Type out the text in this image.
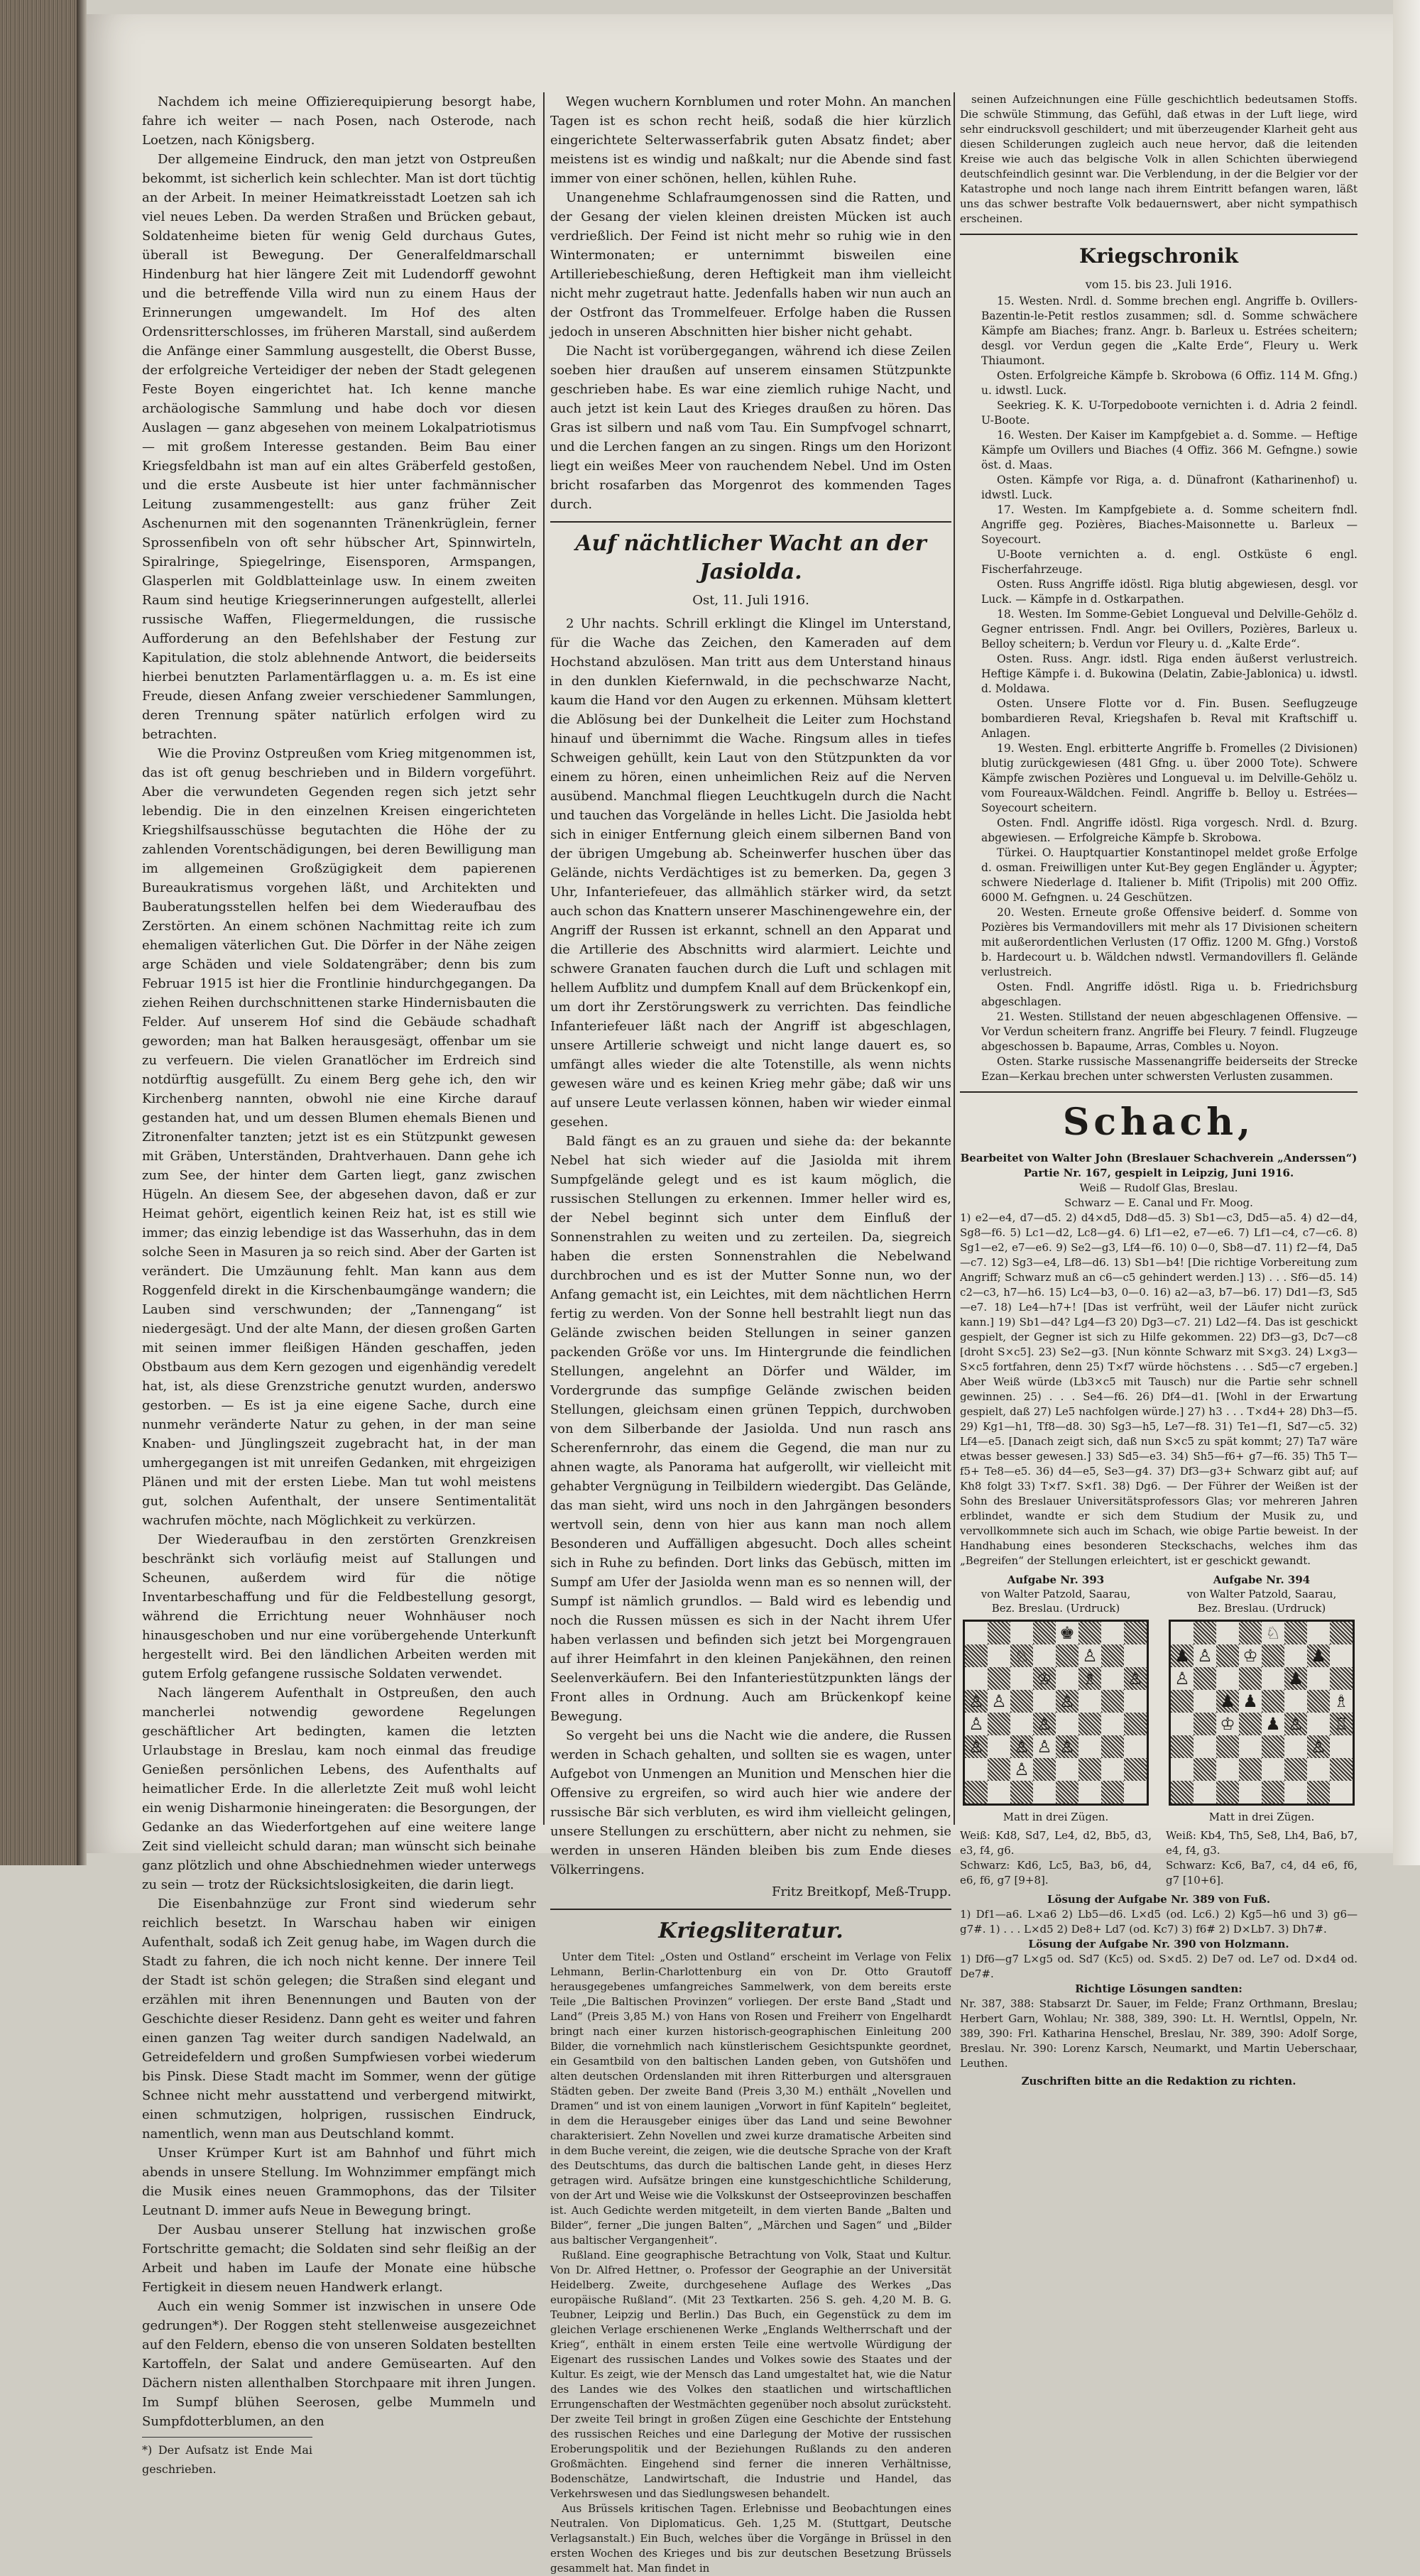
Nachdem ich meine Offizierequipierung besorgt habe, fahre ich weiter — nach Posen, nach Osterode, nach Loetzen, nach Königsberg.

Der allgemeine Eindruck, den man jetzt von Ostpreußen bekommt, ist sicherlich kein schlechter. Man ist dort tüchtig an der Arbeit. In meiner Heimatkreisstadt Loetzen sah ich viel neues Leben. Da werden Straßen und Brücken gebaut, Soldatenheime bieten für wenig Geld durchaus Gutes, überall ist Bewegung. Der Generalfeldmarschall Hindenburg hat hier längere Zeit mit Ludendorff gewohnt und die betreffende Villa wird nun zu einem Haus der Erinnerungen umgewandelt. Im Hof des alten Ordensritterschlosses, im früheren Marstall, sind außerdem die Anfänge einer Sammlung ausgestellt, die Oberst Busse, der erfolgreiche Verteidiger der neben der Stadt gelegenen Feste Boyen eingerichtet hat. Ich kenne manche archäologische Sammlung und habe doch vor diesen Auslagen — ganz abgesehen von meinem Lokalpatriotismus — mit großem Interesse gestanden. Beim Bau einer Kriegsfeldbahn ist man auf ein altes Gräberfeld gestoßen, und die erste Ausbeute ist hier unter fachmännischer Leitung zusammengestellt: aus ganz früher Zeit Aschenurnen mit den sogenannten Tränenkrüglein, ferner Sprossenfibeln von oft sehr hübscher Art, Spinnwirteln, Spiralringe, Spiegelringe, Eisensporen, Armspangen, Glasperlen mit Goldblatteinlage usw. In einem zweiten Raum sind heutige Kriegserinnerungen aufgestellt, allerlei russische Waffen, Fliegermeldungen, die russische Aufforderung an den Befehlshaber der Festung zur Kapitulation, die stolz ablehnende Antwort, die beiderseits hierbei benutzten Parlamentärflaggen u. a. m. Es ist eine Freude, diesen Anfang zweier verschiedener Sammlungen, deren Trennung später natürlich erfolgen wird zu betrachten.

Wie die Provinz Ostpreußen vom Krieg mitgenommen ist, das ist oft genug beschrieben und in Bildern vorgeführt. Aber die verwundeten Gegenden regen sich jetzt sehr lebendig. Die in den einzelnen Kreisen eingerichteten Kriegshilfsausschüsse begutachten die Höhe der zu zahlenden Vorentschädigungen, bei deren Bewilligung man im allgemeinen Großzügigkeit dem papierenen Bureaukratismus vorgehen läßt, und Architekten und Bauberatungsstellen helfen bei dem Wiederaufbau des Zerstörten. An einem schönen Nachmittag reite ich zum ehemaligen väterlichen Gut. Die Dörfer in der Nähe zeigen arge Schäden und viele Soldatengräber; denn bis zum Februar 1915 ist hier die Frontlinie hindurchgegangen. Da ziehen Reihen durchschnittenen starke Hindernisbauten die Felder. Auf unserem Hof sind die Gebäude schadhaft geworden; man hat Balken herausgesägt, offenbar um sie zu verfeuern. Die vielen Granatlöcher im Erdreich sind notdürftig ausgefüllt. Zu einem Berg gehe ich, den wir Kirchenberg nannten, obwohl nie eine Kirche darauf gestanden hat, und um dessen Blumen ehemals Bienen und Zitronenfalter tanzten; jetzt ist es ein Stützpunkt gewesen mit Gräben, Unterständen, Drahtverhauen. Dann gehe ich zum See, der hinter dem Garten liegt, ganz zwischen Hügeln. An diesem See, der abgesehen davon, daß er zur Heimat gehört, eigentlich keinen Reiz hat, ist es still wie immer; das einzig lebendige ist das Wasserhuhn, das in dem solche Seen in Masuren ja so reich sind. Aber der Garten ist verändert. Die Umzäunung fehlt. Man kann aus dem Roggenfeld direkt in die Kirschenbaumgänge wandern; die Lauben sind verschwunden; der „Tannengang“ ist niedergesägt. Und der alte Mann, der diesen großen Garten mit seinen immer fleißigen Händen geschaffen, jeden Obstbaum aus dem Kern gezogen und eigenhändig veredelt hat, ist, als diese Grenzstriche genutzt wurden, anderswo gestorben. — Es ist ja eine eigene Sache, durch eine nunmehr veränderte Natur zu gehen, in der man seine Knaben- und Jünglingszeit zugebracht hat, in der man umhergegangen ist mit unreifen Gedanken, mit ehrgeizigen Plänen und mit der ersten Liebe. Man tut wohl meistens gut, solchen Aufenthalt, der unsere Sentimentalität wachrufen möchte, nach Möglichkeit zu verkürzen.

Der Wiederaufbau in den zerstörten Grenzkreisen beschränkt sich vorläufig meist auf Stallungen und Scheunen, außerdem wird für die nötige Inventarbeschaffung und für die Feldbestellung gesorgt, während die Errichtung neuer Wohnhäuser noch hinausgeschoben und nur eine vorübergehende Unterkunft hergestellt wird. Bei den ländlichen Arbeiten werden mit gutem Erfolg gefangene russische Soldaten verwendet.

Nach längerem Aufenthalt in Ostpreußen, den auch mancherlei notwendig gewordene Regelungen geschäftlicher Art bedingten, kamen die letzten Urlaubstage in Breslau, kam noch einmal das freudige Genießen persönlichen Lebens, des Aufenthalts auf heimatlicher Erde. In die allerletzte Zeit muß wohl leicht ein wenig Disharmonie hineingeraten: die Besorgungen, der Gedanke an das Wiederfortgehen auf eine weitere lange Zeit sind vielleicht schuld daran; man wünscht sich beinahe ganz plötzlich und ohne Abschiednehmen wieder unterwegs zu sein — trotz der Rücksichtslosigkeiten, die darin liegt.

Die Eisenbahnzüge zur Front sind wiederum sehr reichlich besetzt. In Warschau haben wir einigen Aufenthalt, sodaß ich Zeit genug habe, im Wagen durch die Stadt zu fahren, die ich noch nicht kenne. Der innere Teil der Stadt ist schön gelegen; die Straßen sind elegant und erzählen mit ihren Benennungen und Bauten von der Geschichte dieser Residenz. Dann geht es weiter und fahren einen ganzen Tag weiter durch sandigen Nadelwald, an Getreidefeldern und großen Sumpfwiesen vorbei wiederum bis Pinsk. Diese Stadt macht im Sommer, wenn der gütige Schnee nicht mehr ausstattend und verbergend mitwirkt, einen schmutzigen, holprigen, russischen Eindruck, namentlich, wenn man aus Deutschland kommt.

Unser Krümper Kurt ist am Bahnhof und führt mich abends in unsere Stellung. Im Wohnzimmer empfängt mich die Musik eines neuen Grammophons, das der Tilsiter Leutnant D. immer aufs Neue in Bewegung bringt.

Der Ausbau unserer Stellung hat inzwischen große Fortschritte gemacht; die Soldaten sind sehr fleißig an der Arbeit und haben im Laufe der Monate eine hübsche Fertigkeit in diesem neuen Handwerk erlangt.

Auch ein wenig Sommer ist inzwischen in unsere Ode gedrungen*). Der Roggen steht stellenweise ausgezeichnet auf den Feldern, ebenso die von unseren Soldaten bestellten Kartoffeln, der Salat und andere Gemüsearten. Auf den Dächern nisten allenthalben Storchpaare mit ihren Jungen. Im Sumpf blühen Seerosen, gelbe Mummeln und Sumpfdotterblumen, an den

*) Der Aufsatz ist Ende Mai geschrieben.

Wegen wuchern Kornblumen und roter Mohn. An manchen Tagen ist es schon recht heiß, sodaß die hier kürzlich eingerichtete Selterwasserfabrik guten Absatz findet; aber meistens ist es windig und naßkalt; nur die Abende sind fast immer von einer schönen, hellen, kühlen Ruhe.

Unangenehme Schlafraumgenossen sind die Ratten, und der Gesang der vielen kleinen dreisten Mücken ist auch verdrießlich. Der Feind ist nicht mehr so ruhig wie in den Wintermonaten; er unternimmt bisweilen eine Artilleriebeschießung, deren Heftigkeit man ihm vielleicht nicht mehr zugetraut hatte. Jedenfalls haben wir nun auch an der Ostfront das Trommelfeuer. Erfolge haben die Russen jedoch in unseren Abschnitten hier bisher nicht gehabt.

Die Nacht ist vorübergegangen, während ich diese Zeilen soeben hier draußen auf unserem einsamen Stützpunkte geschrieben habe. Es war eine ziemlich ruhige Nacht, und auch jetzt ist kein Laut des Krieges draußen zu hören. Das Gras ist silbern und naß vom Tau. Ein Sumpfvogel schnarrt, und die Lerchen fangen an zu singen. Rings um den Horizont liegt ein weißes Meer von rauchendem Nebel. Und im Osten bricht rosafarben das Morgenrot des kommenden Tages durch.

Auf nächtlicher Wacht an der Jasiolda.
Ost, 11. Juli 1916.

2 Uhr nachts. Schrill erklingt die Klingel im Unterstand, für die Wache das Zeichen, den Kameraden auf dem Hochstand abzulösen. Man tritt aus dem Unterstand hinaus in den dunklen Kiefernwald, in die pechschwarze Nacht, kaum die Hand vor den Augen zu erkennen. Mühsam klettert die Ablösung bei der Dunkelheit die Leiter zum Hochstand hinauf und übernimmt die Wache. Ringsum alles in tiefes Schweigen gehüllt, kein Laut von den Stützpunkten da vor einem zu hören, einen unheimlichen Reiz auf die Nerven ausübend. Manchmal fliegen Leuchtkugeln durch die Nacht und tauchen das Vorgelände in helles Licht. Die Jasiolda hebt sich in einiger Entfernung gleich einem silbernen Band von der übrigen Umgebung ab. Scheinwerfer huschen über das Gelände, nichts Verdächtiges ist zu bemerken. Da, gegen 3 Uhr, Infanteriefeuer, das allmählich stärker wird, da setzt auch schon das Knattern unserer Maschinengewehre ein, der Angriff der Russen ist erkannt, schnell an den Apparat und die Artillerie des Abschnitts wird alarmiert. Leichte und schwere Granaten fauchen durch die Luft und schlagen mit hellem Aufblitz und dumpfem Knall auf dem Brückenkopf ein, um dort ihr Zerstörungswerk zu verrichten. Das feindliche Infanteriefeuer läßt nach der Angriff ist abgeschlagen, unsere Artillerie schweigt und nicht lange dauert es, so umfängt alles wieder die alte Totenstille, als wenn nichts gewesen wäre und es keinen Krieg mehr gäbe; daß wir uns auf unsere Leute verlassen können, haben wir wieder einmal gesehen.

Bald fängt es an zu grauen und siehe da: der bekannte Nebel hat sich wieder auf die Jasiolda mit ihrem Sumpfgelände gelegt und es ist kaum möglich, die russischen Stellungen zu erkennen. Immer heller wird es, der Nebel beginnt sich unter dem Einfluß der Sonnenstrahlen zu weiten und zu zerteilen. Da, siegreich haben die ersten Sonnenstrahlen die Nebelwand durchbrochen und es ist der Mutter Sonne nun, wo der Anfang gemacht ist, ein Leichtes, mit dem nächtlichen Herrn fertig zu werden. Von der Sonne hell bestrahlt liegt nun das Gelände zwischen beiden Stellungen in seiner ganzen packenden Größe vor uns. Im Hintergrunde die feindlichen Stellungen, angelehnt an Dörfer und Wälder, im Vordergrunde das sumpfige Gelände zwischen beiden Stellungen, gleichsam einen grünen Teppich, durchwoben von dem Silberbande der Jasiolda. Und nun rasch ans Scherenfernrohr, das einem die Gegend, die man nur zu ahnen wagte, als Panorama hat aufgerollt, wir vielleicht mit gehabter Vergnügung in Teilbildern wiedergibt. Das Gelände, das man sieht, wird uns noch in den Jahrgängen besonders wertvoll sein, denn von hier aus kann man noch allem Besonderen und Auffälligen abgesucht. Doch alles scheint sich in Ruhe zu befinden. Dort links das Gebüsch, mitten im Sumpf am Ufer der Jasiolda wenn man es so nennen will, der Sumpf ist nämlich grundlos. — Bald wird es lebendig und noch die Russen müssen es sich in der Nacht ihrem Ufer haben verlassen und befinden sich jetzt bei Morgengrauen auf ihrer Heimfahrt in den kleinen Panjekähnen, den reinen Seelenverkäufern. Bei den Infanteriestützpunkten längs der Front alles in Ordnung. Auch am Brückenkopf keine Bewegung.

So vergeht bei uns die Nacht wie die andere, die Russen werden in Schach gehalten, und sollten sie es wagen, unter Aufgebot von Unmengen an Munition und Menschen hier die Offensive zu ergreifen, so wird auch hier wie andere der russische Bär sich verbluten, es wird ihm vielleicht gelingen, unsere Stellungen zu erschüttern, aber nicht zu nehmen, sie werden in unseren Händen bleiben bis zum Ende dieses Völkerringens.

Fritz Breitkopf, Meß-Trupp.
Kriegsliteratur.

Unter dem Titel: „Osten und Ostland“ erscheint im Verlage von Felix Lehmann, Berlin-Charlottenburg ein von Dr. Otto Grautoff herausgegebenes umfangreiches Sammelwerk, von dem bereits erste Teile „Die Baltischen Provinzen“ vorliegen. Der erste Band „Stadt und Land“ (Preis 3,85 M.) von Hans von Rosen und Freiherr von Engelhardt bringt nach einer kurzen historisch-geographischen Einleitung 200 Bilder, die vornehmlich nach künstlerischem Gesichtspunkte geordnet, ein Gesamtbild von den baltischen Landen geben, von Gutshöfen und alten deutschen Ordenslanden mit ihren Ritterburgen und altersgrauen Städten geben. Der zweite Band (Preis 3,30 M.) enthält „Novellen und Dramen“ und ist von einem launigen „Vorwort in fünf Kapiteln“ begleitet, in dem die Herausgeber einiges über das Land und seine Bewohner charakterisiert. Zehn Novellen und zwei kurze dramatische Arbeiten sind in dem Buche vereint, die zeigen, wie die deutsche Sprache von der Kraft des Deutschtums, das durch die baltischen Lande geht, in dieses Herz getragen wird. Aufsätze bringen eine kunstgeschichtliche Schilderung, von der Art und Weise wie die Volkskunst der Ostseeprovinzen beschaffen ist. Auch Gedichte werden mitgeteilt, in dem vierten Bande „Balten und Bilder“, ferner „Die jungen Balten“, „Märchen und Sagen“ und „Bilder aus baltischer Vergangenheit“.

Rußland. Eine geographische Betrachtung von Volk, Staat und Kultur. Von Dr. Alfred Hettner, o. Professor der Geographie an der Universität Heidelberg. Zweite, durchgesehene Auflage des Werkes „Das europäische Rußland“. (Mit 23 Textkarten. 256 S. geh. 4,20 M. B. G. Teubner, Leipzig und Berlin.) Das Buch, ein Gegenstück zu dem im gleichen Verlage erschienenen Werke „Englands Weltherrschaft und der Krieg“, enthält in einem ersten Teile eine wertvolle Würdigung der Eigenart des russischen Landes und Volkes sowie des Staates und der Kultur. Es zeigt, wie der Mensch das Land umgestaltet hat, wie die Natur des Landes wie des Volkes den staatlichen und wirtschaftlichen Errungenschaften der Westmächten gegenüber noch absolut zurücksteht. Der zweite Teil bringt in großen Zügen eine Geschichte der Entstehung des russischen Reiches und eine Darlegung der Motive der russischen Eroberungspolitik und der Beziehungen Rußlands zu den anderen Großmächten. Eingehend sind ferner die inneren Verhältnisse, Bodenschätze, Landwirtschaft, die Industrie und Handel, das Verkehrswesen und das Siedlungswesen behandelt.

Aus Brüssels kritischen Tagen. Erlebnisse und Beobachtungen eines Neutralen. Von Diplomaticus. Geh. 1,25 M. (Stuttgart, Deutsche Verlagsanstalt.) Ein Buch, welches über die Vorgänge in Brüssel in den ersten Wochen des Krieges und bis zur deutschen Besetzung Brüssels gesammelt hat. Man findet in

seinen Aufzeichnungen eine Fülle geschichtlich bedeutsamen Stoffs. Die schwüle Stimmung, das Gefühl, daß etwas in der Luft liege, wird sehr eindrucksvoll geschildert; und mit überzeugender Klarheit geht aus diesen Schilderungen zugleich auch neue hervor, daß die leitenden Kreise wie auch das belgische Volk in allen Schichten überwiegend deutschfeindlich gesinnt war. Die Verblendung, in der die Belgier vor der Katastrophe und noch lange nach ihrem Eintritt befangen waren, läßt uns das schwer bestrafte Volk bedauernswert, aber nicht sympathisch erscheinen.

Kriegschronik
vom 15. bis 23. Juli 1916.

15. Westen. Nrdl. d. Somme brechen engl. Angriffe b. Ovillers-Bazentin-le-Petit restlos zusammen; sdl. d. Somme schwächere Kämpfe am Biaches; franz. Angr. b. Barleux u. Estrées scheitern; desgl. vor Verdun gegen die „Kalte Erde“, Fleury u. Werk Thiaumont.

Osten. Erfolgreiche Kämpfe b. Skrobowa (6 Offiz. 114 M. Gfng.) u. idwstl. Luck.

Seekrieg. K. K. U-Torpedoboote vernichten i. d. Adria 2 feindl. U-Boote.

16. Westen. Der Kaiser im Kampfgebiet a. d. Somme. — Heftige Kämpfe um Ovillers und Biaches (4 Offiz. 366 M. Gefngne.) sowie öst. d. Maas.

Osten. Kämpfe vor Riga, a. d. Dünafront (Katharinenhof) u. idwstl. Luck.

17. Westen. Im Kampfgebiete a. d. Somme scheitern fndl. Angriffe geg. Pozières, Biaches-Maisonnette u. Barleux — Soyecourt.

U-Boote vernichten a. d. engl. Ostküste 6 engl. Fischerfahrzeuge.

Osten. Russ Angriffe idöstl. Riga blutig abgewiesen, desgl. vor Luck. — Kämpfe in d. Ostkarpathen.

18. Westen. Im Somme-Gebiet Longueval und Delville-Gehölz d. Gegner entrissen. Fndl. Angr. bei Ovillers, Pozières, Barleux u. Belloy scheitern; b. Verdun vor Fleury u. d. „Kalte Erde“.

Osten. Russ. Angr. idstl. Riga enden äußerst verlustreich. Heftige Kämpfe i. d. Bukowina (Delatin, Zabie-Jablonica) u. idwstl. d. Moldawa.

Osten. Unsere Flotte vor d. Fin. Busen. Seeflugzeuge bombardieren Reval, Kriegshafen b. Reval mit Kraftschiff u. Anlagen.

19. Westen. Engl. erbitterte Angriffe b. Fromelles (2 Divisionen) blutig zurückgewiesen (481 Gfng. u. über 2000 Tote). Schwere Kämpfe zwischen Pozières und Longueval u. im Delville-Gehölz u. vom Foureaux-Wäldchen. Feindl. Angriffe b. Belloy u. Estrées—Soyecourt scheitern.

Osten. Fndl. Angriffe idöstl. Riga vorgesch. Nrdl. d. Bzurg. abgewiesen. — Erfolgreiche Kämpfe b. Skrobowa.

Türkei. O. Hauptquartier Konstantinopel meldet große Erfolge d. osman. Freiwilligen unter Kut-Bey gegen Engländer u. Ägypter; schwere Niederlage d. Italiener b. Mifit (Tripolis) mit 200 Offiz. 6000 M. Gefngnen. u. 24 Geschützen.

20. Westen. Erneute große Offensive beiderf. d. Somme von Pozières bis Vermandovillers mit mehr als 17 Divisionen scheitern mit außerordentlichen Verlusten (17 Offiz. 1200 M. Gfng.) Vorstoß b. Hardecourt u. b. Wäldchen ndwstl. Vermandovillers fl. Gelände verlustreich.

Osten. Fndl. Angriffe idöstl. Riga u. b. Friedrichsburg abgeschlagen.

21. Westen. Stillstand der neuen abgeschlagenen Offensive. — Vor Verdun scheitern franz. Angriffe bei Fleury. 7 feindl. Flugzeuge abgeschossen b. Bapaume, Arras, Combles u. Noyon.

Osten. Starke russische Massenangriffe beiderseits der Strecke Ezan—Kerkau brechen unter schwersten Verlusten zusammen.

Schach,
Bearbeitet von Walter John (Breslauer Schachverein „Anderssen“)
Partie Nr. 167, gespielt in Leipzig, Juni 1916.
Weiß — Rudolf Glas, Breslau.
Schwarz — E. Canal und Fr. Moog.
1) e2—e4, d7—d5. 2) d4×d5, Dd8—d5. 3) Sb1—c3, Dd5—a5. 4) d2—d4, Sg8—f6. 5) Lc1—d2, Lc8—g4. 6) Lf1—e2, e7—e6. 7) Lf1—c4, c7—c6. 8) Sg1—e2, e7—e6. 9) Se2—g3, Lf4—f6. 10) 0—0, Sb8—d7. 11) f2—f4, Da5—c7. 12) Sg3—e4, Lf8—d6. 13) Sb1—b4! [Die richtige Vorbereitung zum Angriff; Schwarz muß an c6—c5 gehindert werden.] 13) . . . Sf6—d5. 14) c2—c3, h7—h6. 15) Lc4—b3, 0—0. 16) a2—a3, b7—b6. 17) Dd1—f3, Sd5—e7. 18) Le4—h7+! [Das ist verfrüht, weil der Läufer nicht zurück kann.] 19) Sb1—d4? Lg4—f3 20) Dg3—c7. 21) Ld2—f4. Das ist geschickt gespielt, der Gegner ist sich zu Hilfe gekommen. 22) Df3—g3, Dc7—c8 [droht S×c5]. 23) Se2—g3. [Nun könnte Schwarz mit S×g3. 24) L×g3—S×c5 fortfahren, denn 25) T×f7 würde höchstens . . . Sd5—c7 ergeben.] Aber Weiß würde (Lb3×c5 mit Tausch) nur die Partie sehr schnell gewinnen. 25) . . . Se4—f6. 26) Df4—d1. [Wohl in der Erwartung gespielt, daß 27) Le5 nachfolgen würde.] 27) h3 . . . T×d4+ 28) Dh3—f5. 29) Kg1—h1, Tf8—d8. 30) Sg3—h5, Le7—f8. 31) Te1—f1, Sd7—c5. 32) Lf4—e5. [Danach zeigt sich, daß nun S×c5 zu spät kommt; 27) Ta7 wäre etwas besser gewesen.] 33) Sd5—e3. 34) Sh5—f6+ g7—f6. 35) Th5 T—f5+ Te8—e5. 36) d4—e5, Se3—g4. 37) Df3—g3+ Schwarz gibt auf; auf Kh8 folgt 33) T×f7. S×f1. 38) Dg6. — Der Führer der Weißen ist der Sohn des Breslauer Universitätsprofessors Glas; vor mehreren Jahren erblindet, wandte er sich dem Studium der Musik zu, und vervollkommnete sich auch im Schach, wie obige Partie beweist. In der Handhabung eines besonderen Steckschachs, welches ihm das „Begreifen“ der Stellungen erleichtert, ist er geschickt gewandt.
Aufgabe Nr. 393
von Walter Patzold, Saarau,
Bez. Breslau. (Urdruck)
♚
♘	♙
♔ ♗ ♙
♙ ♙	♙
♙	♙
♙ ♙ ♙ ♙
♙
Matt in drei Zügen.
Aufgabe Nr. 394
von Walter Patzold, Saarau,
Bez. Breslau. (Urdruck)
♘
♟ ♙ ♔	♟
♙	♟
♟ ♟	♗
♔ ♟ ♙ ♖
♙
Matt in drei Zügen.
Weiß: Kd8, Sd7, Le4, d2, Bb5, d3, e3, f4, g6.
Schwarz: Kd6, Lc5, Ba3, b6, d4, e6, f6, g7 [9+8].
Weiß: Kb4, Th5, Se8, Lh4, Ba6, b7, e4, f4, g3.
Schwarz: Kc6, Ba7, c4, d4 e6, f6, g7 [10+6].
Lösung der Aufgabe Nr. 389 von Fuß.
1) Df1—a6. L×a6 2) Lb5—d6. L×d5 (od. Lc6.) 2) Kg5—h6 und 3) g6—g7#. 1) . . . L×d5 2) De8+ Ld7 (od. Kc7) 3) f6# 2) D×Lb7. 3) Dh7#.
Lösung der Aufgabe Nr. 390 von Holzmann.
1) Df6—g7 L×g5 od. Sd7 (Kc5) od. S×d5. 2) De7 od. Le7 od. D×d4 od. De7#.
Richtige Lösungen sandten:
Nr. 387, 388: Stabsarzt Dr. Sauer, im Felde; Franz Orthmann, Breslau; Herbert Garn, Wohlau; Nr. 388, 389, 390: Lt. H. Werntlsl, Oppeln, Nr. 389, 390: Frl. Katharina Henschel, Breslau, Nr. 389, 390: Adolf Sorge, Breslau. Nr. 390: Lorenz Karsch, Neumarkt, und Martin Ueberschaar, Leuthen.
Zuschriften bitte an die Redaktion zu richten.
